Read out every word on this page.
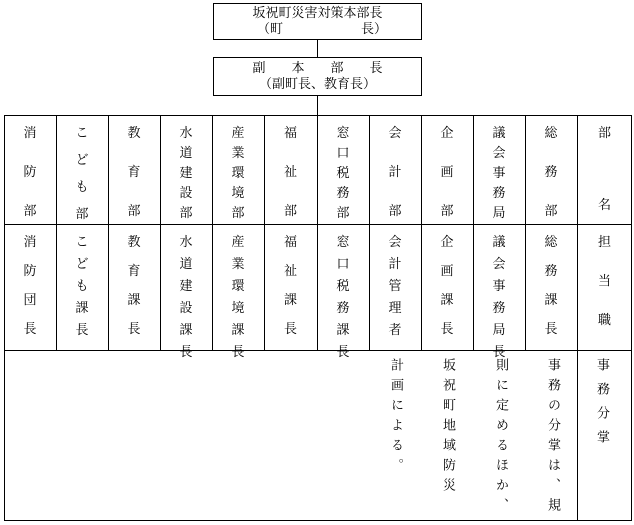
坂祝町災害対策本部長
（町	長）
副　　本　　部　　長
（副町長、教育長）
事務分掌
事務の分掌は、規
則に定めるほか、
坂祝町地域防災
計画による。
消
防
部
消
防
団
長
こ
ど
も
部
こ
ど
も
課
長
教
育
部
教
育
課
長
水
道
建
設
部
水
道
建
設
課
長
産
業
環
境
部
産
業
環
境
課
長
福
祉
部
福
祉
課
長
窓
口
税
務
部
窓
口
税
務
課
長
会
計
部
会
計
管
理
者
企
画
部
企
画
課
長
議
会
事
務
局
議
会
事
務
局
長
総
務
部
総
務
課
長
部
名
担
当
職
